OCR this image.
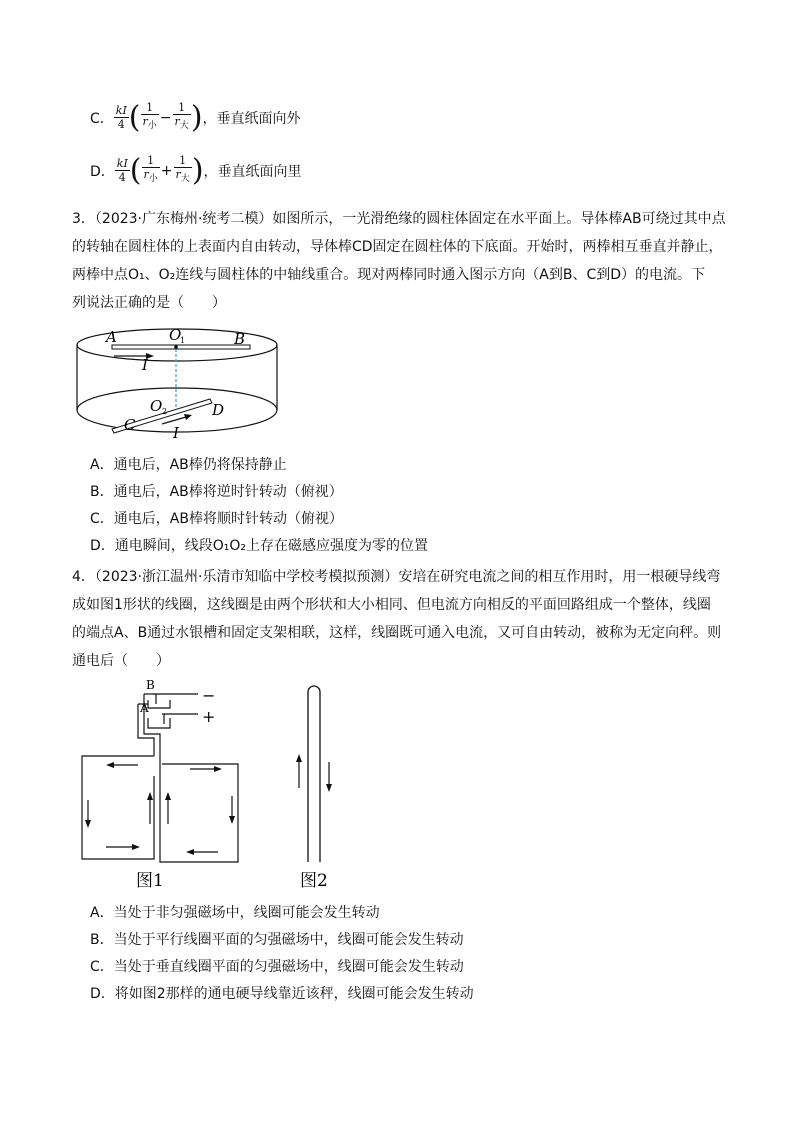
C． $\frac{kI}{4}$ ( $\frac{1}{r_小} - \frac{1}{r_大}$ ) ，垂直纸面向外
D． $\frac{kI}{4}$ ( $\frac{1}{r_小} + \frac{1}{r_大}$ ) ，垂直纸面向里
3．（2023·广东梅州·统考二模）如图所示，一光滑绝缘的圆柱体固定在水平面上。导体棒AB可绕过其中点
的转轴在圆柱体的上表面内自由转动，导体棒CD固定在圆柱体的下底面。开始时，两棒相互垂直并静止，
两棒中点O₁、O₂连线与圆柱体的中轴线重合。现对两棒同时通入图示方向（A到B、C到D）的电流。下
列说法正确的是（　　）
A	B
O
1
I
O 2	D
C	I
A．通电后，AB棒仍将保持静止
B．通电后，AB棒将逆时针转动（俯视）
C．通电后，AB棒将顺时针转动（俯视）
D．通电瞬间，线段O₁O₂上存在磁感应强度为零的位置
4．（2023·浙江温州·乐清市知临中学校考模拟预测）安培在研究电流之间的相互作用时，用一根硬导线弯
成如图1形状的线圈，这线圈是由两个形状和大小相同、但电流方向相反的平面回路组成一个整体，线圈
的端点A、B通过水银槽和固定支架相联，这样，线圈既可通入电流，又可自由转动，被称为无定向秤。则
通电后（　　）
B
A
−
+
图1	图2
A．当处于非匀强磁场中，线圈可能会发生转动
B．当处于平行线圈平面的匀强磁场中，线圈可能会发生转动
C．当处于垂直线圈平面的匀强磁场中，线圈可能会发生转动
D．将如图2那样的通电硬导线靠近该秤，线圈可能会发生转动
